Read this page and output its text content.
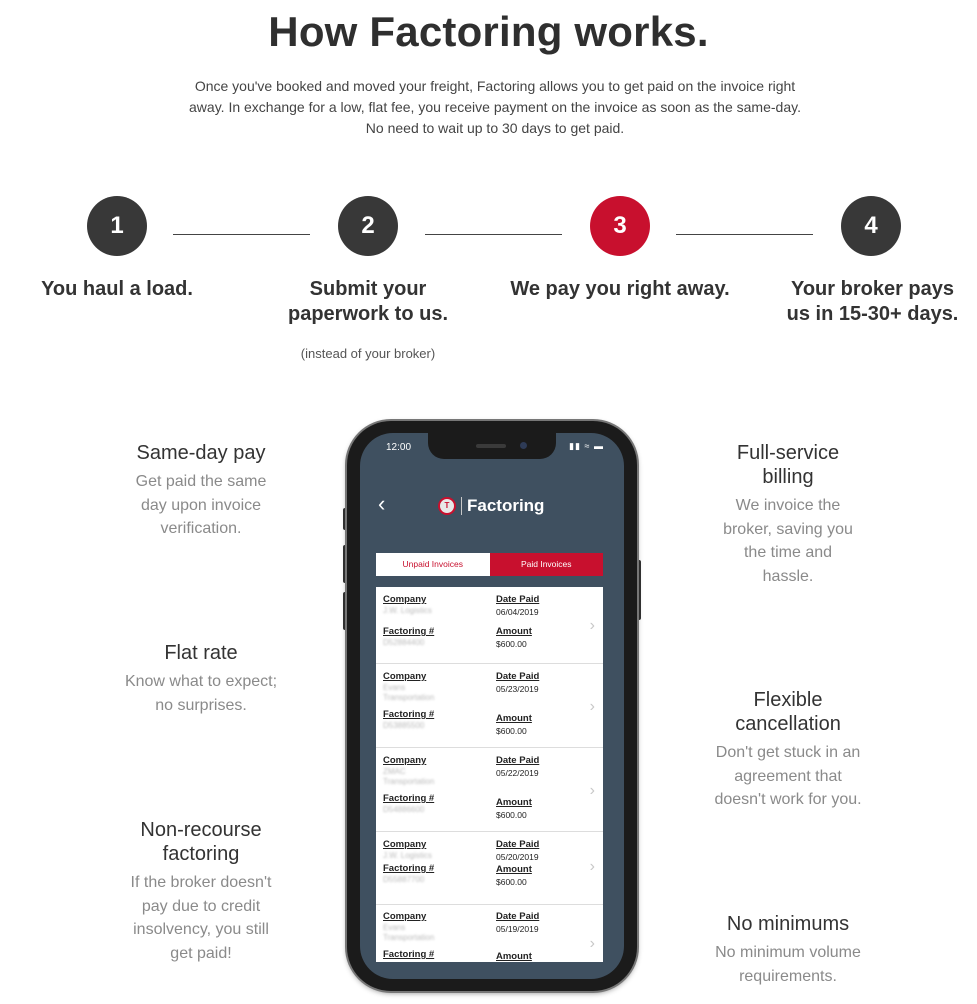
How Factoring works.
Once you've booked and moved your freight, Factoring allows you to get paid on the invoice right
away. In exchange for a low, flat fee, you receive payment on the invoice as soon as the same-day.
No need to wait up to 30 days to get paid.
1	2	3	4
You haul a load.	Submit your
paperwork to us.
(instead of your broker)
We pay you right away.	Your broker pays
us in 15-30+ days.
Same-day pay
Get paid the same
day upon invoice
verification.
Flat rate
Know what to expect;
no surprises.
Non-recourse
factoring
If the broker doesn't
pay due to credit
insolvency, you still
get paid!
Full-service
billing
We invoice the
broker, saving you
the time and
hassle.
Flexible
cancellation
Don't get stuck in an
agreement that
doesn't work for you.
No minimums
No minimum volume
requirements.
12:00	▮▮ ≈ ▬
‹	T	Factoring
Unpaid Invoices	Paid Invoices
Company
J.W. Logistics
Factoring #
D52884400
Date Paid
06/04/2019
Amount
$600.00
›
Company
Evans Transportation
Factoring #
D53885500
Date Paid
05/23/2019
Amount
$600.00
›
Company
ZMAC Transportation
Factoring #
D54886600
Date Paid
05/22/2019
Amount
$600.00
›
Company
J.W. Logistics
Factoring #
D55887700
Date Paid
05/20/2019
Amount
$600.00
›
Company
Evans Transportation
Factoring #
Date Paid
05/19/2019
Amount
›
